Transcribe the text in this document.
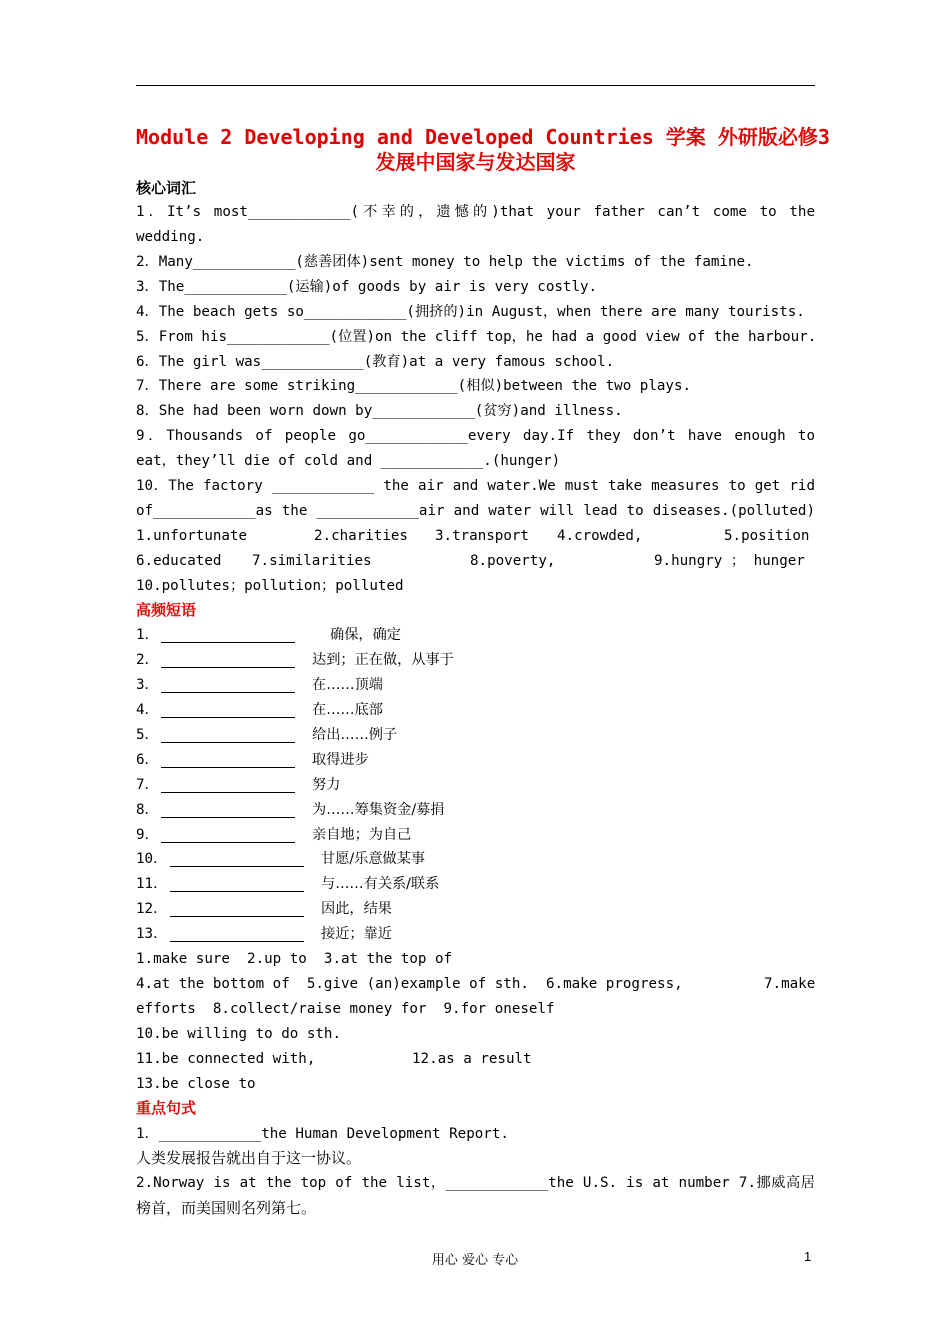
Module 2 Developing and Developed Countries 学案 外研版必修3
发展中国家与发达国家
核心词汇
1．It’s most____________(不幸的，遗憾的)that your father can’t come to the
wedding.
2．Many____________(慈善团体)sent money to help the victims of the famine.
3．The____________(运输)of goods by air is very costly.
4．The beach gets so____________(拥挤的)in August，when there are many tourists.
5．From his____________(位置)on the cliff top，he had a good view of the harbour.
6．The girl was____________(教育)at a very famous school.
7．There are some striking____________(相似)between the two plays.
8．She had been worn down by____________(贫穷)and illness.
9．Thousands of people go____________every day.If they don’t have enough to
eat，they’ll die of cold and ____________.(hunger)
10．The factory ____________ the air and water.We must take measures to get rid
of____________as the ____________air and water will lead to diseases.(polluted)
1.unfortunate	2.charities 3.transport 4.crowded,	5.position
6.educated 7.similarities	8.poverty,	9.hungry ； hunger
10.pollutes；pollution；polluted
高频短语
1．	确保，确定
2．	达到；正在做，从事于
3．	在……顶端
4．	在……底部
5．	给出……例子
6．	取得进步
7．	努力
8．	为……筹集资金/募捐
9．	亲自地；为自己
10．	甘愿/乐意做某事
11．	与……有关系/联系
12．	因此，结果
13．	接近；靠近
1.make sure  2.up to  3.at the top of
4.at the bottom of  5.give (an)example of sth.  6.make progress,	7.make
efforts  8.collect/raise money for  9.for oneself
10.be willing to do sth.
11.be connected with,	12.as a result
13.be close to
重点句式
1．____________the Human Development Report.
人类发展报告就出自于这一协议。
2.Norway is at the top of the list，____________the U.S. is at number 7.挪威高居
榜首，而美国则名列第七。
用心 爱心 专心	1
